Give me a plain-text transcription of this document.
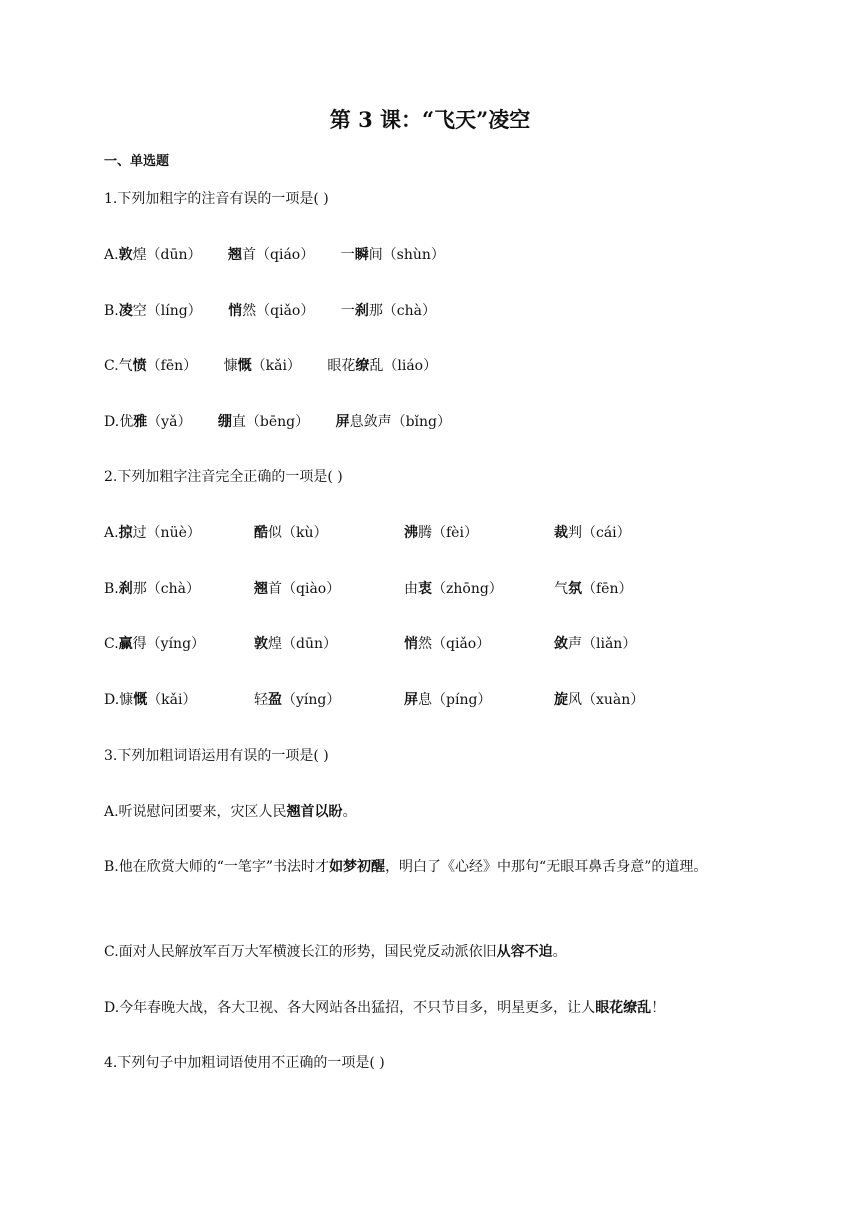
第 3 课：“飞天”凌空
一、单选题
1.下列加粗字的注音有误的一项是( )
A.敦煌（dūn） 翘首（qiáo） 一瞬间（shùn）
B.凌空（líng） 悄然（qiǎo） 一刹那（chà）
C.气愤（fēn） 慷慨（kǎi） 眼花缭乱（liáo）
D.优雅（yǎ） 绷直（bēng） 屏息敛声（bǐng）
2.下列加粗字注音完全正确的一项是( )
A.掠过（nüè）	酷似（kù）	沸腾（fèi）	裁判（cái）
B.刹那（chà）	翘首（qiào）	由衷（zhōng）	气氛（fēn）
C.赢得（yíng）	敦煌（dūn）	悄然（qiǎo）	敛声（liǎn）
D.慷慨（kǎi）	轻盈（yíng）	屏息（píng）	旋风（xuàn）
3.下列加粗词语运用有误的一项是( )
A.听说慰问团要来，灾区人民翘首以盼。
B.他在欣赏大师的“一笔字”书法时才如梦初醒，明白了《心经》中那句“无眼耳鼻舌身意”的道理。
C.面对人民解放军百万大军横渡长江的形势，国民党反动派依旧从容不迫。
D.今年春晚大战，各大卫视、各大网站各出猛招，不只节目多，明星更多，让人眼花缭乱！
4.下列句子中加粗词语使用不正确的一项是( )
